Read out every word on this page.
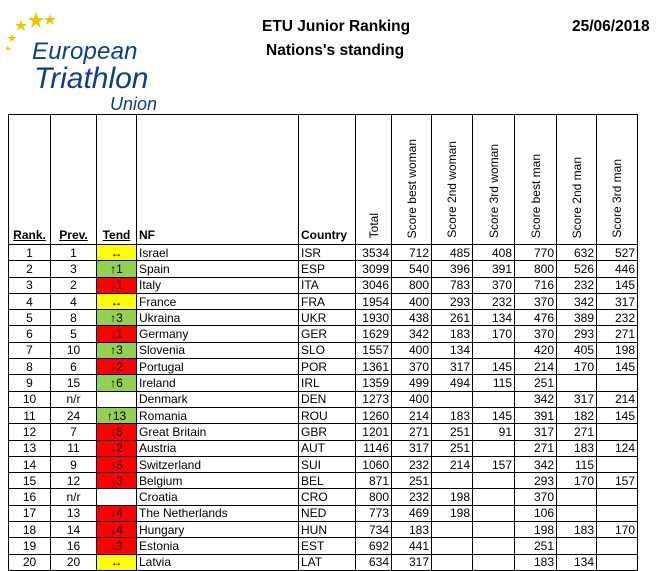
European
Triathlon
Union
ETU Junior Ranking
Nations's standing
25/06/2018
Rank.	Prev.	Tend	NF	Country	Total	Score best woman	Score 2nd woman	Score 3rd woman	Score best man	Score 2nd man	Score 3rd man
1	1	↔	Israel	ISR	3534	712	485	408	770	632	527
2	3	↑1	Spain	ESP	3099	540	396	391	800	526	446
3	2	↓1	Italy	ITA	3046	800	783	370	716	232	145
4	4	↔	France	FRA	1954	400	293	232	370	342	317
5	8	↑3	Ukraina	UKR	1930	438	261	134	476	389	232
6	5	↓1	Germany	GER	1629	342	183	170	370	293	271
7	10	↑3	Slovenia	SLO	1557	400	134		420	405	198
8	6	↓2	Portugal	POR	1361	370	317	145	214	170	145
9	15	↑6	Ireland	IRL	1359	499	494	115	251		
10	n/r		Denmark	DEN	1273	400			342	317	214
11	24	↑13	Romania	ROU	1260	214	183	145	391	182	145
12	7	↓5	Great Britain	GBR	1201	271	251	91	317	271	
13	11	↓2	Austria	AUT	1146	317	251		271	183	124
14	9	↓5	Switzerland	SUI	1060	232	214	157	342	115	
15	12	↓3	Belgium	BEL	871	251			293	170	157
16	n/r		Croatia	CRO	800	232	198		370		
17	13	↓4	The Netherlands	NED	773	469	198		106		
18	14	↓4	Hungary	HUN	734	183			198	183	170
19	16	↓3	Estonia	EST	692	441			251		
20	20	↔	Latvia	LAT	634	317			183	134	
